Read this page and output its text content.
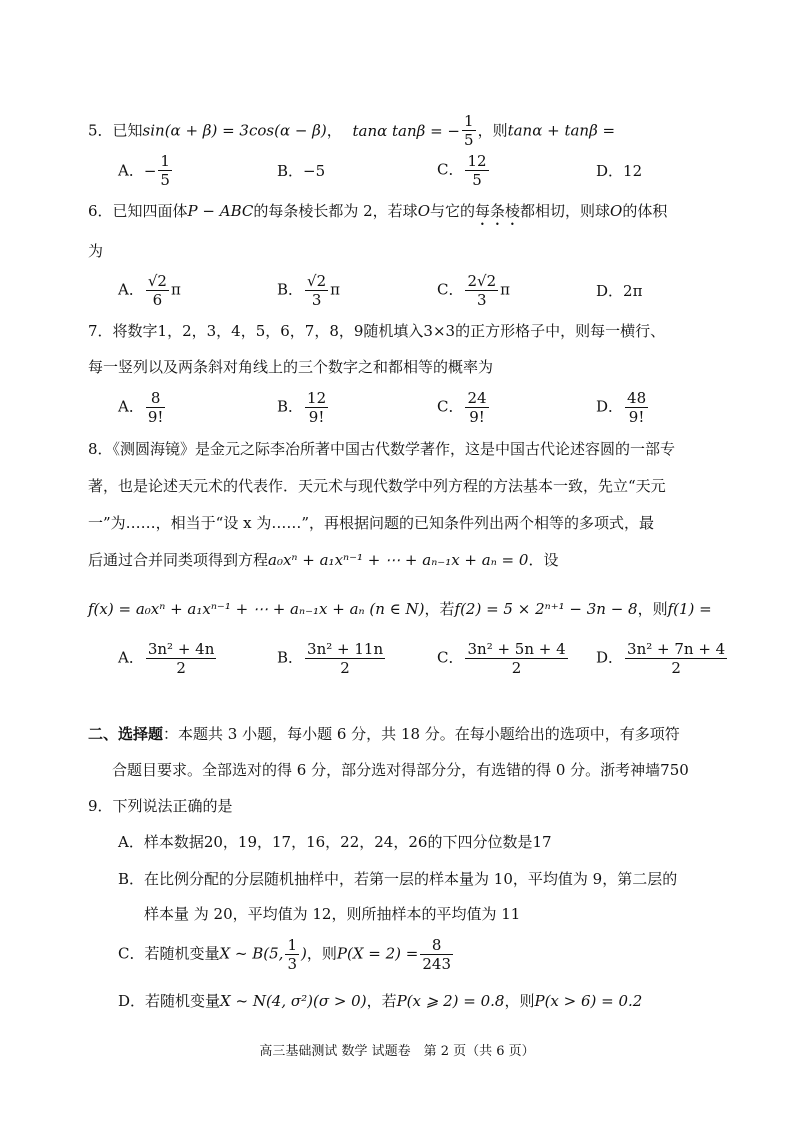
5．已知sin(α + β) = 3cos(α − β)， tanα tanβ = − $\frac{1}{5}$ ，则tanα + tanβ =
A． − $\frac{1}{5}$	B．−5	C． $\frac{12}{5}$	D．12
6．已知四面体P − ABC的每条棱长都为 2，若球O与它的每条棱都相切，则球O的体积
为
A． $\frac{√2}{6}$ π	B． $\frac{√2}{3}$ π	C． $\frac{2√2}{3}$ π	D．2π
7．将数字1，2，3，4，5，6，7，8，9随机填入3×3的正方形格子中，则每一横行、
每一竖列以及两条斜对角线上的三个数字之和都相等的概率为
A． $\frac{8}{9!}$	B． $\frac{12}{9!}$	C． $\frac{24}{9!}$	D． $\frac{48}{9!}$
8．《测圆海镜》是金元之际李冶所著中国古代数学著作，这是中国古代论述容圆的一部专
著，也是论述天元术的代表作．天元术与现代数学中列方程的方法基本一致，先立“天元
一”为……，相当于“设 x 为……”，再根据问题的已知条件列出两个相等的多项式，最
后通过合并同类项得到方程a₀xⁿ + a₁xⁿ⁻¹ + ⋯ + aₙ₋₁x + aₙ = 0．设
f(x) = a₀xⁿ + a₁xⁿ⁻¹ + ⋯ + aₙ₋₁x + aₙ (n ∈ N)，若f(2) = 5 × 2ⁿ⁺¹ − 3n − 8，则f(1) =
A． $\frac{\text{3n² + 4n}}{2}$	B． $\frac{\text{3n² + 11n}}{2}$	C． $\frac{\text{3n² + 5n + 4}}{2}$ D． $\frac{\text{3n² + 7n + 4}}{2}$
二、选择题：本题共 3 小题，每小题 6 分，共 18 分。在每小题给出的选项中，有多项符
合题目要求。全部选对的得 6 分，部分选对得部分分，有选错的得 0 分。浙考神墙750
9．下列说法正确的是
A．样本数据20，19，17，16，22，24，26的下四分位数是17
B．在比例分配的分层随机抽样中，若第一层的样本量为 10，平均值为 9，第二层的
样本量 为 20，平均值为 12，则所抽样本的平均值为 11
C．若随机变量X ~ B(5, $\frac{1}{3}$ )，则$P(X = 2) = \frac{8}{243}$
D．若随机变量X ~ N(4, σ²)(σ > 0)，若P(x ⩾ 2) = 0.8，则P(x > 6) = 0.2
高三基础测试 数学 试题卷　第 2 页（共 6 页）
